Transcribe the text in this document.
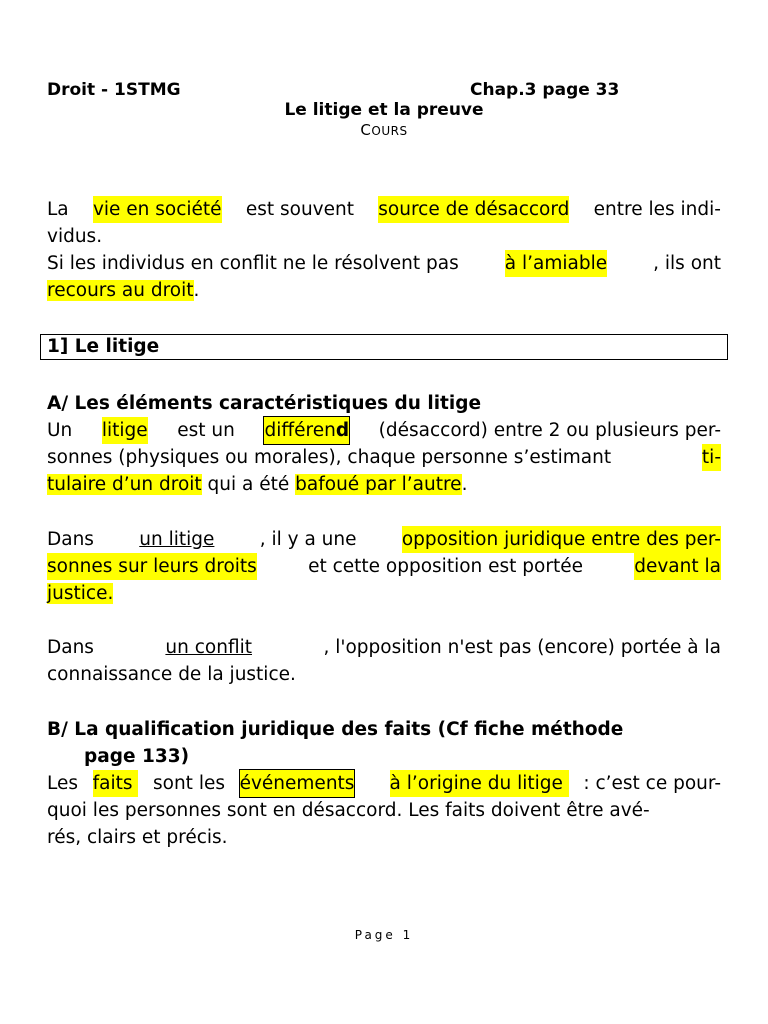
Droit - 1STMG	Chap.3 page 33
Le litige et la preuve
COURS
La vie en société est souvent source de désaccord entre les indi-
vidus.
Si les individus en conflit ne le résolvent pas à l’amiable , ils ont
recours au droit.
1] Le litige
A/ Les éléments caractéristiques du litige
Un litige est un différend (désaccord) entre 2 ou plusieurs per-
sonnes (physiques ou morales), chaque personne s’estimant	ti-
tulaire d’un droit qui a été bafoué par l’autre.
Dans un litige , il y a une opposition juridique entre des per-
sonnes sur leurs droits	et cette opposition est portée	devant la
justice.
Dans	un conflit	, l'opposition n'est pas (encore) portée à la
connaissance de la justice.
B/ La qualification juridique des faits (Cf fiche méthode
page 133)
Les faits sont les événements
à l’origine du litige : c’est ce pour-
quoi les personnes sont en désaccord. Les faits doivent être avé-
rés, clairs et précis.
Page 1
